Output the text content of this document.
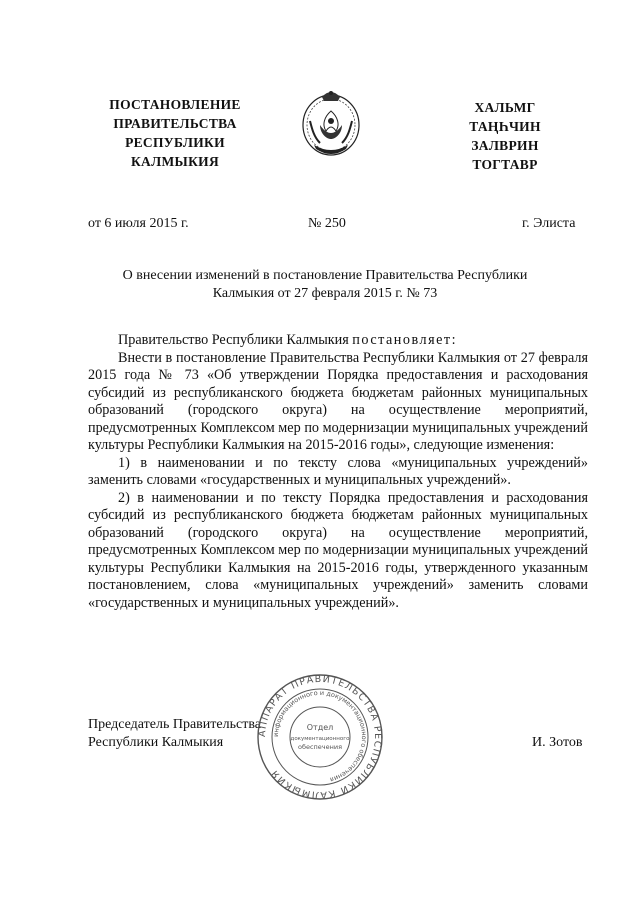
ПОСТАНОВЛЕНИЕ
ПРАВИТЕЛЬСТВА
РЕСПУБЛИКИ
КАЛМЫКИЯ
ХАЛЬМГ
ТАҢҺЧИН
ЗАЛВРИН
ТОГТАВР
от 6 июля 2015 г.	№ 250	г. Элиста
О внесении изменений в постановление Правительства Республики
Калмыкия от 27 февраля 2015 г. № 73

Правительство Республики Калмыкия постановляет:

Внести в постановление Правительства Республики Калмыкия от 27 февраля 2015 года № 73 «Об утверждении Порядка предоставления и расходования субсидий из республиканского бюджета бюджетам районных муниципальных образований (городского округа) на осуществление мероприятий, предусмотренных Комплексом мер по модернизации муниципальных учреждений культуры Республики Калмыкия на 2015-2016 годы», следующие изменения:

1) в наименовании и по тексту слова «муниципальных учреждений» заменить словами «государственных и муниципальных учреждений».

2) в наименовании и по тексту Порядка предоставления и расходования субсидий из республиканского бюджета бюджетам районных муниципальных образований (городского округа) на осуществление мероприятий, предусмотренных Комплексом мер по модернизации муниципальных учреждений культуры Республики Калмыкия на 2015-2016 годы, утвержденного указанным постановлением, слова «муниципальных учреждений» заменить словами «государственных и муниципальных учреждений».

Председатель Правительства
Республики Калмыкия	И. Зотов
АППАРАТ ПРАВИТЕЛЬСТВА РЕСПУБЛИКИ КАЛМЫКИЯ
информационного и документационного обеспечения
Отдел
документационного
обеспечения
